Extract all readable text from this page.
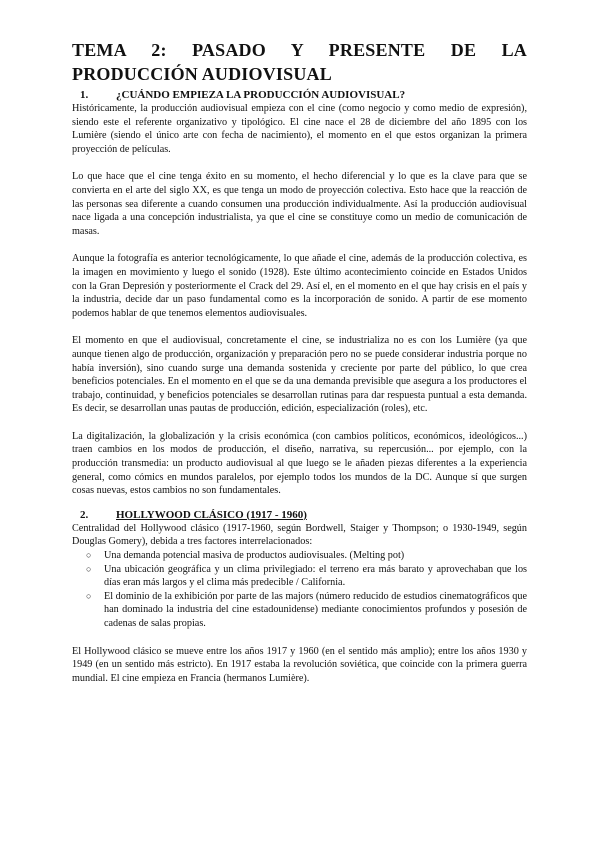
TEMA 2: PASADO Y PRESENTE DE LA
PRODUCCIÓN AUDIOVISUAL
1.	¿CUÁNDO EMPIEZA LA PRODUCCIÓN AUDIOVISUAL?

Históricamente, la producción audiovisual empieza con el cine (como negocio y como medio de expresión), siendo este el referente organizativo y tipológico. El cine nace el 28 de diciembre del año 1895 con los Lumière (siendo el único arte con fecha de nacimiento), el momento en el que estos organizan la primera proyección de películas.

Lo que hace que el cine tenga éxito en su momento, el hecho diferencial y lo que es la clave para que se convierta en el arte del siglo XX, es que tenga un modo de proyección colectiva. Esto hace que la reacción de las personas sea diferente a cuando consumen una producción individualmente. Así la producción audiovisual nace ligada a una concepción industrialista, ya que el cine se constituye como un medio de comunicación de masas.

Aunque la fotografía es anterior tecnológicamente, lo que añade el cine, además de la producción colectiva, es la imagen en movimiento y luego el sonido (1928). Este último acontecimiento coincide en Estados Unidos con la Gran Depresión y posteriormente el Crack del 29. Así el, en el momento en el que hay crisis en el país y la industria, decide dar un paso fundamental como es la incorporación de sonido. A partir de ese momento podemos hablar de que tenemos elementos audiovisuales.

El momento en que el audiovisual, concretamente el cine, se industrializa no es con los Lumière (ya que aunque tienen algo de producción, organización y preparación pero no se puede considerar industria porque no había inversión), sino cuando surge una demanda sostenida y creciente por parte del público, lo que crea beneficios potenciales. En el momento en el que se da una demanda previsible que asegura a los productores el trabajo, continuidad, y beneficios potenciales se desarrollan rutinas para dar respuesta puntual a esta demanda. Es decir, se desarrollan unas pautas de producción, edición, especialización (roles), etc.

La digitalización, la globalización y la crisis económica (con cambios políticos, económicos, ideológicos...) traen cambios en los modos de producción, el diseño, narrativa, su repercusión... por ejemplo, con la producción transmedia: un producto audiovisual al que luego se le añaden piezas diferentes a la experiencia general, como cómics en mundos paralelos, por ejemplo todos los mundos de la DC. Aunque sí que surgen cosas nuevas, estos cambios no son fundamentales.

2.	HOLLYWOOD CLÁSICO (1917 - 1960)

Centralidad del Hollywood clásico (1917-1960, según Bordwell, Staiger y Thompson; o 1930-1949, según Douglas Gomery), debida a tres factores interrelacionados:

○ Una demanda potencial masiva de productos audiovisuales. (Melting pot)
○ Una ubicación geográfica y un clima privilegiado: el terreno era más barato y aprovechaban que los días eran más largos y el clima más predecible / California.
○ El dominio de la exhibición por parte de las majors (número reducido de estudios cinematográficos que han dominado la industria del cine estadounidense) mediante conocimientos profundos y posesión de cadenas de salas propias.

El Hollywood clásico se mueve entre los años 1917 y 1960 (en el sentido más amplio); entre los años 1930 y 1949 (en un sentido más estricto). En 1917 estaba la revolución soviética, que coincide con la primera guerra mundial. El cine empieza en Francia (hermanos Lumière).
